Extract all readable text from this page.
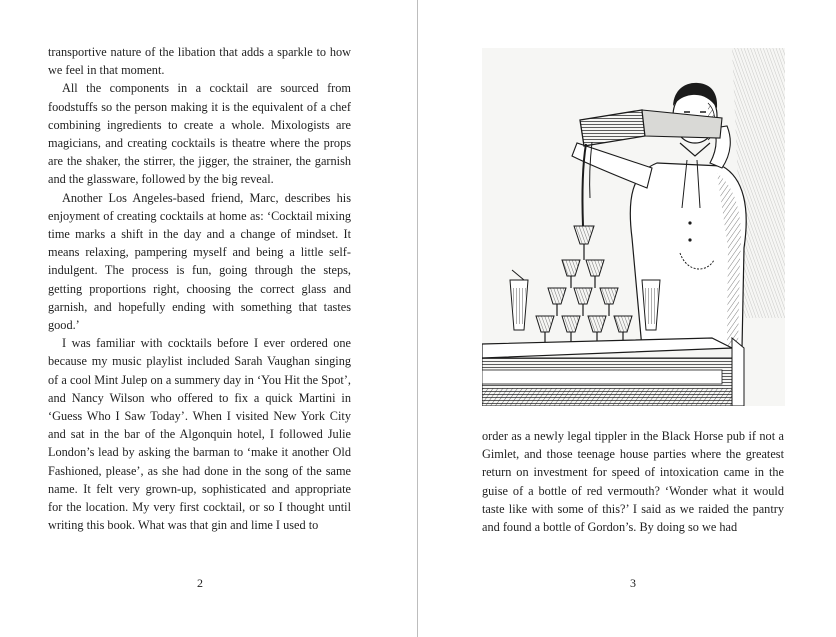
transportive nature of the libation that adds a sparkle to how we feel in that moment.

All the components in a cocktail are sourced from foodstuffs so the person making it is the equivalent of a chef combining ingredients to create a whole. Mixologists are magicians, and creating cocktails is theatre where the props are the shaker, the stirrer, the jigger, the strainer, the garnish and the glassware, followed by the big reveal.

Another Los Angeles-based friend, Marc, describes his enjoyment of creating cocktails at home as: ‘Cocktail mixing time marks a shift in the day and a change of mindset. It means relaxing, pampering myself and being a little self-indulgent. The process is fun, going through the steps, getting proportions right, choosing the correct glass and garnish, and hopefully ending with something that tastes good.’

I was familiar with cocktails before I ever ordered one because my music playlist included Sarah Vaughan singing of a cool Mint Julep on a summery day in ‘You Hit the Spot’, and Nancy Wilson who offered to fix a quick Martini in ‘Guess Who I Saw Today’. When I visited New York City and sat in the bar of the Algonquin hotel, I followed Julie London’s lead by asking the barman to ‘make it another Old Fashioned, please’, as she had done in the song of the same name. It felt very grown-up, sophisticated and appropriate for the location. My very first cocktail, or so I thought until writing this book. What was that gin and lime I used to

2

order as a newly legal tippler in the Black Horse pub if not a Gimlet, and those teenage house parties where the greatest return on investment for speed of intoxication came in the guise of a bottle of red vermouth? ‘Wonder what it would taste like with some of this?’ I said as we raided the pantry and found a bottle of Gordon’s. By doing so we had

3
